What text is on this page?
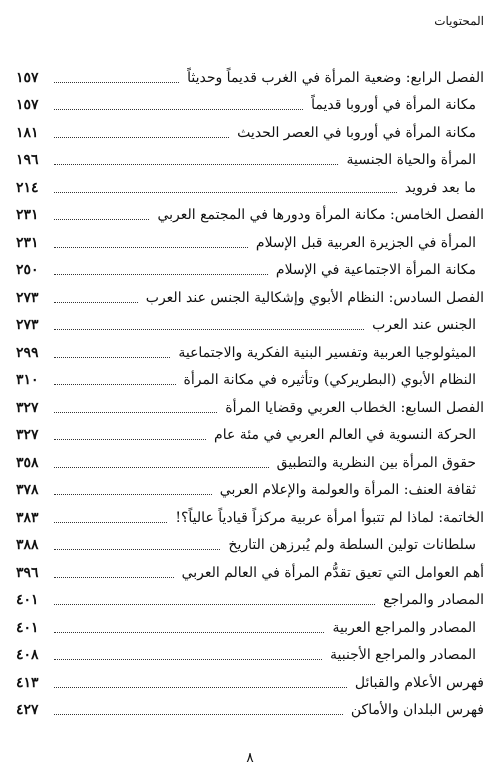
المحتويات
الفصل الرابع: وضعية المرأة في الغرب قديماً وحديثاً
١٥٧
مكانة المرأة في أوروبا قديماً
١٥٧
مكانة المرأة في أوروبا في العصر الحديث
١٨١
المرأة والحياة الجنسية
١٩٦
ما بعد فرويد
٢١٤
الفصل الخامس: مكانة المرأة ودورها في المجتمع العربي
٢٣١
المرأة في الجزيرة العربية قبل الإسلام
٢٣١
مكانة المرأة الاجتماعية في الإسلام
٢٥٠
الفصل السادس: النظام الأبوي وإشكالية الجنس عند العرب
٢٧٣
الجنس عند العرب
٢٧٣
الميثولوجيا العربية وتفسير البنية الفكرية والاجتماعية
٢٩٩
النظام الأبوي (البطريركي) وتأثيره في مكانة المرأة
٣١٠
الفصل السابع: الخطاب العربي وقضايا المرأة
٣٢٧
الحركة النسوية في العالم العربي في مئة عام
٣٢٧
حقوق المرأة بين النظرية والتطبيق
٣٥٨
ثقافة العنف: المرأة والعولمة والإعلام العربي
٣٧٨
الخاتمة: لماذا لم تتبوأ امرأة عربية مركزاً قيادياً عالياً؟!
٣٨٣
سلطانات تولين السلطة ولم يُبرزهن التاريخ
٣٨٨
أهم العوامل التي تعيق تقدُّم المرأة في العالم العربي
٣٩٦
المصادر والمراجع
٤٠١
المصادر والمراجع العربية
٤٠١
المصادر والمراجع الأجنبية
٤٠٨
فهرس الأعلام والقبائل
٤١٣
فهرس البلدان والأماكن
٤٢٧
٨
